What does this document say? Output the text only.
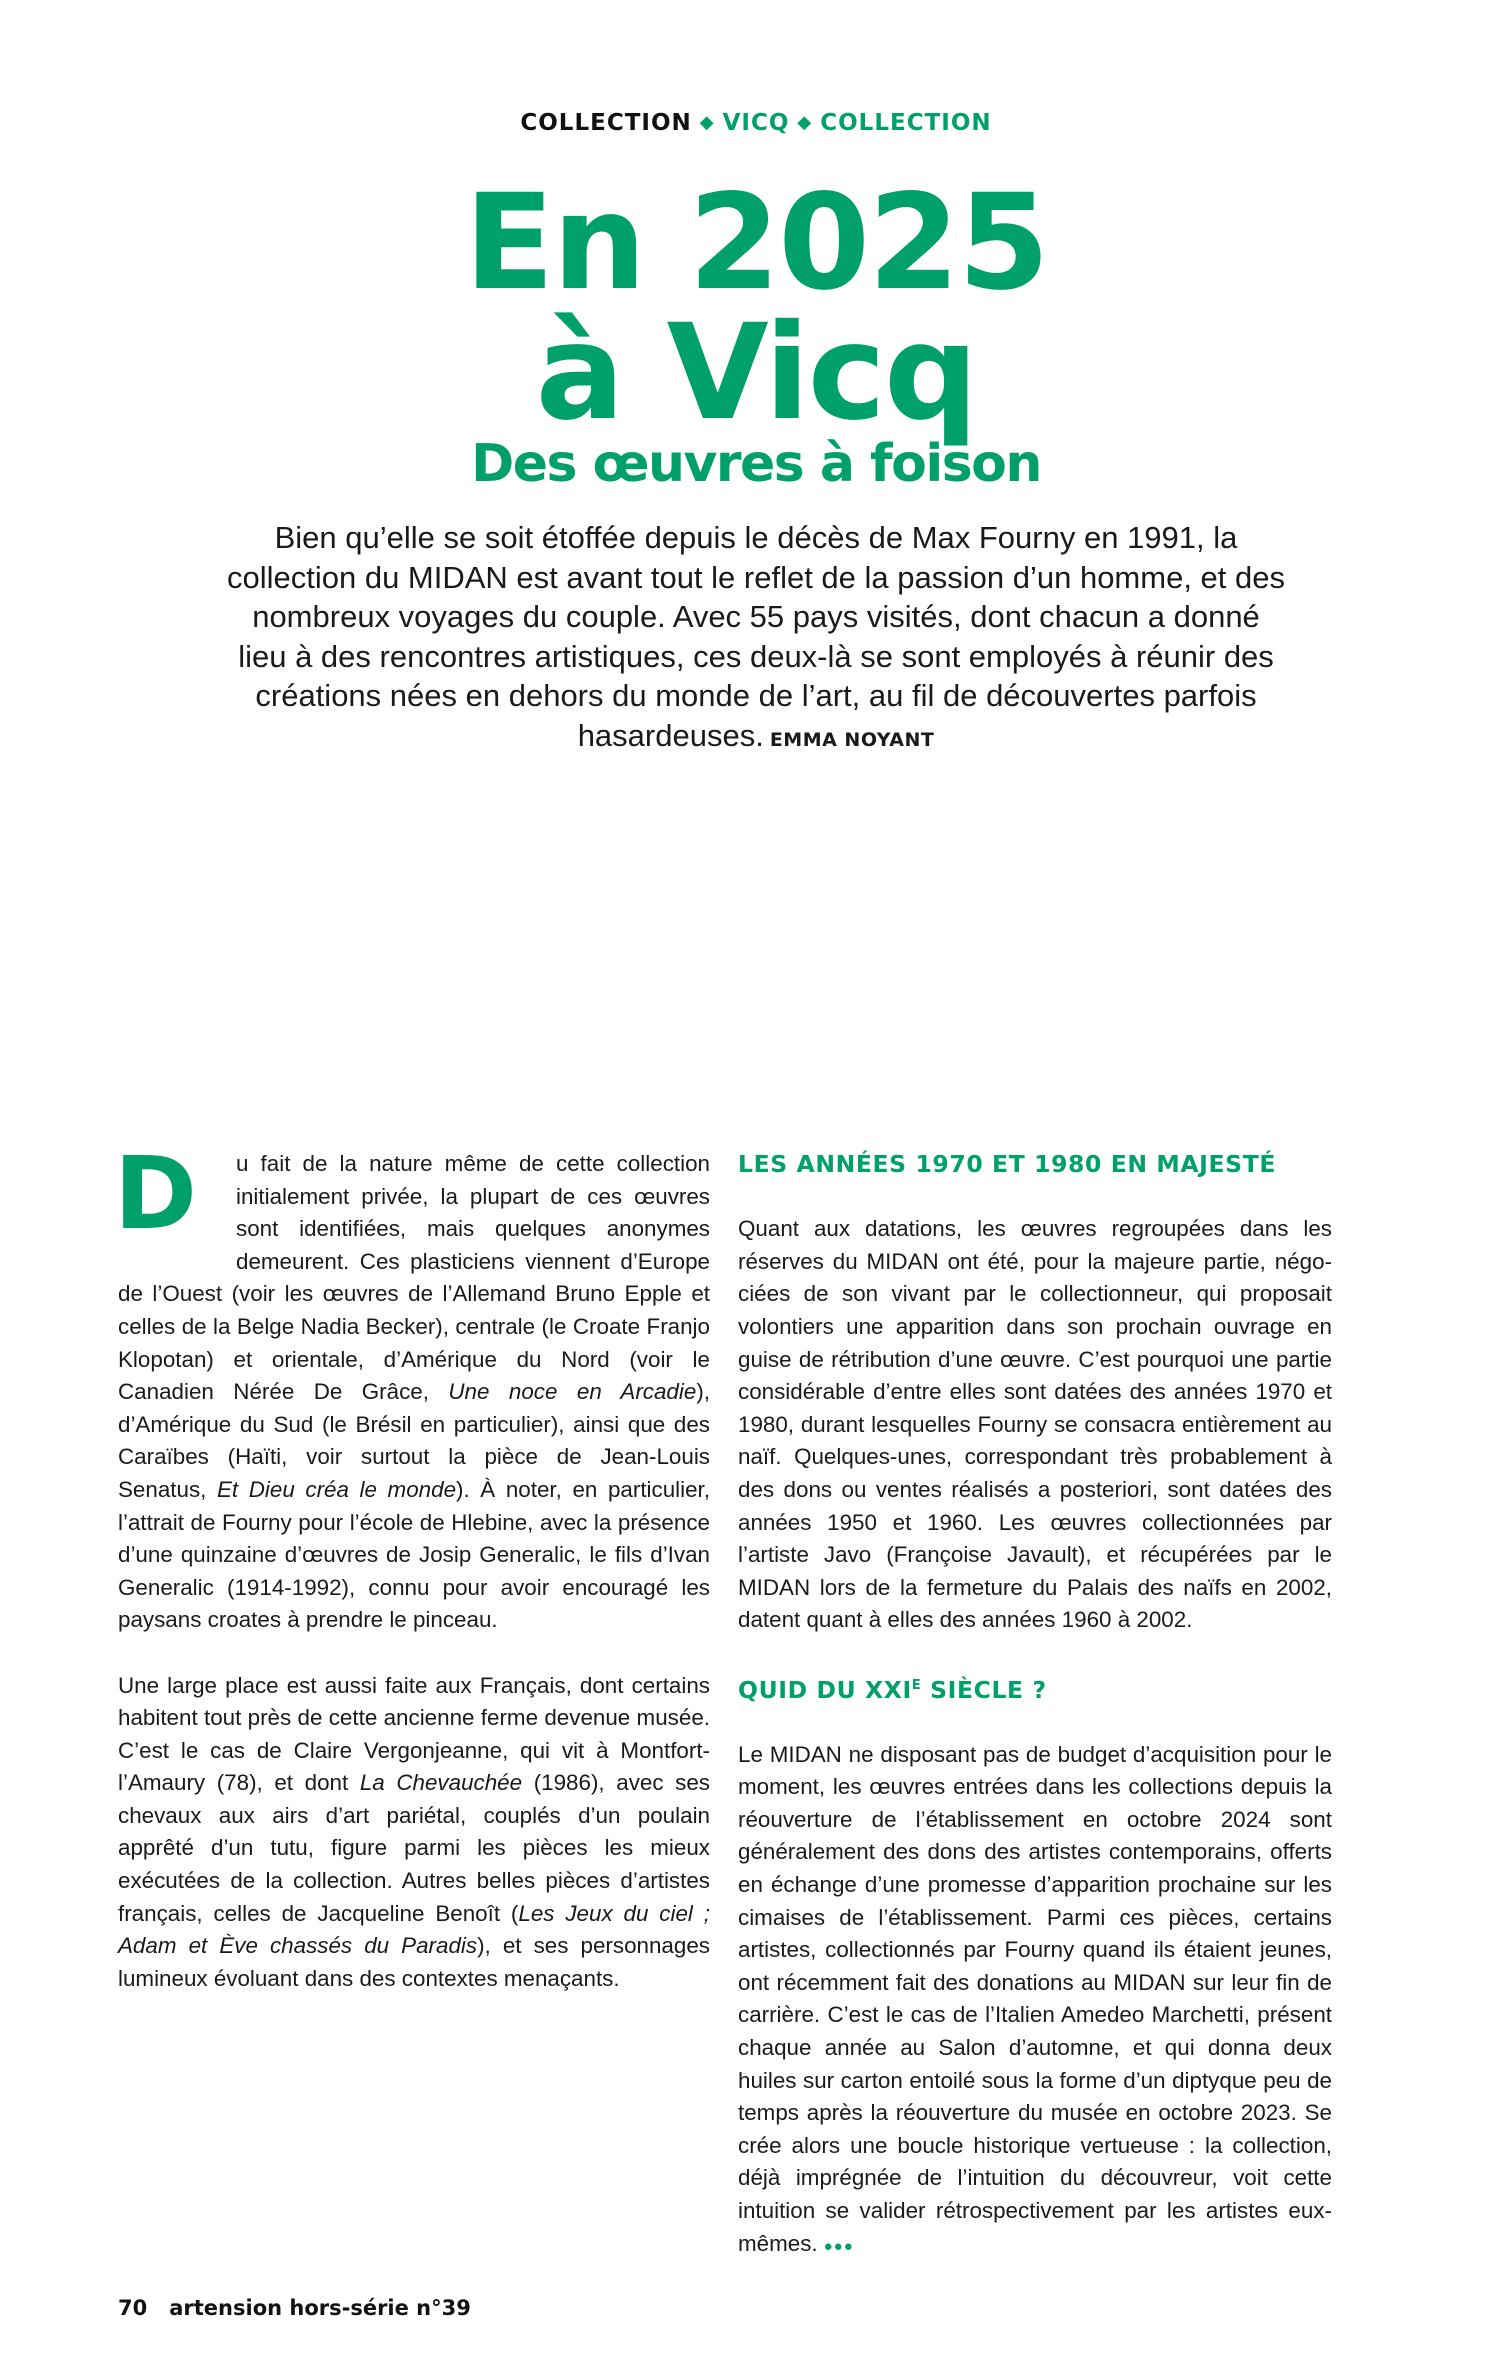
COLLECTION ◆ VICQ ◆ COLLECTION
En 2025
à Vicq
Des œuvres à foison
Bien qu’elle se soit étoffée depuis le décès de Max Fourny en 1991, la collection du MIDAN est avant tout le reflet de la passion d’un homme, et des nombreux voyages du couple. Avec 55 pays visités, dont chacun a donné lieu à des rencontres artistiques, ces deux-là se sont employés à réunir des créations nées en dehors du monde de l’art, au fil de découvertes parfois hasardeuses. EMMA NOYANT

D	u fait de la nature même de cette collection initialement privée, la plupart de ces œuvres sont identifiées, mais quelques anonymes demeurent. Ces plasticiens viennent d’Europe de l’Ouest (voir les œuvres de l’Allemand Bruno Epple et celles de la Belge Nadia Becker), centrale (le Croate Franjo Klopotan) et orientale, d’Amérique du Nord (voir le Canadien Nérée De Grâce, Une noce en Arcadie), d’Amérique du Sud (le Brésil en particulier), ainsi que des Caraïbes (Haïti, voir surtout la pièce de Jean-Louis Senatus, Et Dieu créa le monde). À noter, en particulier, l’attrait de Fourny pour l’école de Hlebine, avec la présence d’une quinzaine d’œuvres de Josip Generalic, le fils d’Ivan Generalic (1914-1992), connu pour avoir encouragé les paysans croates à prendre le pinceau.

Une large place est aussi faite aux Français, dont certains habitent tout près de cette ancienne ferme devenue musée. C’est le cas de Claire Vergonjeanne, qui vit à Montfort-l’Amaury (78), et dont La Chevauchée (1986), avec ses chevaux aux airs d’art pariétal, couplés d’un poulain apprêté d’un tutu, figure parmi les pièces les mieux exécutées de la collection. Autres belles pièces d’artistes français, celles de Jacqueline Benoît (Les Jeux du ciel ; Adam et Ève chassés du Paradis), et ses personnages lumineux évoluant dans des contextes menaçants.

LES ANNÉES 1970 ET 1980 EN MAJESTÉ

Quant aux datations, les œuvres regroupées dans les réserves du MIDAN ont été, pour la majeure partie, négociées de son vivant par le collectionneur, qui proposait volontiers une apparition dans son prochain ouvrage en guise de rétribution d’une œuvre. C’est pourquoi une partie considérable d’entre elles sont datées des années 1970 et 1980, durant lesquelles Fourny se consacra entièrement au naïf. Quelques-unes, correspondant très probablement à des dons ou ventes réalisés a posteriori, sont datées des années 1950 et 1960. Les œuvres collectionnées par l’artiste Javo (Françoise Javault), et récupérées par le MIDAN lors de la fermeture du Palais des naïfs en 2002, datent quant à elles des années 1960 à 2002.

QUID DU $XXI^E$ SIÈCLE ?

Le MIDAN ne disposant pas de budget d’acquisition pour le moment, les œuvres entrées dans les collections depuis la réouverture de l’établissement en octobre 2024 sont généralement des dons des artistes contemporains, offerts en échange d’une promesse d’apparition prochaine sur les cimaises de l’établissement. Parmi ces pièces, certains artistes, collectionnés par Fourny quand ils étaient jeunes, ont récemment fait des donations au MIDAN sur leur fin de carrière. C’est le cas de l’Italien Amedeo Marchetti, présent chaque année au Salon d’automne, et qui donna deux huiles sur carton entoilé sous la forme d’un diptyque peu de temps après la réouverture du musée en octobre 2023. Se crée alors une boucle historique vertueuse : la collection, déjà imprégnée de l’intuition du découvreur, voit cette intuition se valider rétrospectivement par les artistes eux-mêmes. ●●●

70 artension hors-série n°39
